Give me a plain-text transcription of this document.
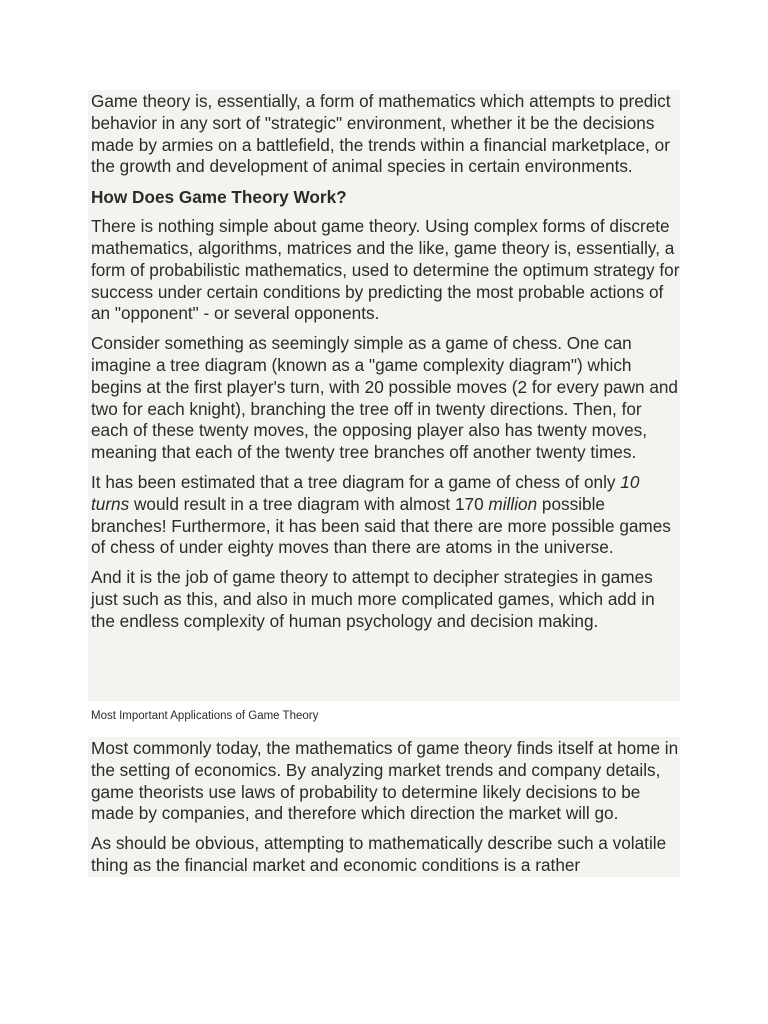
Game theory is, essentially, a form of mathematics which attempts to predict behavior in any sort of "strategic" environment, whether it be the decisions made by armies on a battlefield, the trends within a financial marketplace, or the growth and development of animal species in certain environments.

How Does Game Theory Work?

There is nothing simple about game theory. Using complex forms of discrete mathematics, algorithms, matrices and the like, game theory is, essentially, a form of probabilistic mathematics, used to determine the optimum strategy for success under certain conditions by predicting the most probable actions of an "opponent" - or several opponents.

Consider something as seemingly simple as a game of chess. One can imagine a tree diagram (known as a "game complexity diagram") which begins at the first player's turn, with 20 possible moves (2 for every pawn and two for each knight), branching the tree off in twenty directions. Then, for each of these twenty moves, the opposing player also has twenty moves, meaning that each of the twenty tree branches off another twenty times.

It has been estimated that a tree diagram for a game of chess of only 10 turns would result in a tree diagram with almost 170 million possible branches! Furthermore, it has been said that there are more possible games of chess of under eighty moves than there are atoms in the universe.

And it is the job of game theory to attempt to decipher strategies in games just such as this, and also in much more complicated games, which add in the endless complexity of human psychology and decision making.

Most Important Applications of Game Theory

Most commonly today, the mathematics of game theory finds itself at home in the setting of economics. By analyzing market trends and company details, game theorists use laws of probability to determine likely decisions to be made by companies, and therefore which direction the market will go.

As should be obvious, attempting to mathematically describe such a volatile thing as the financial market and economic conditions is a rather
